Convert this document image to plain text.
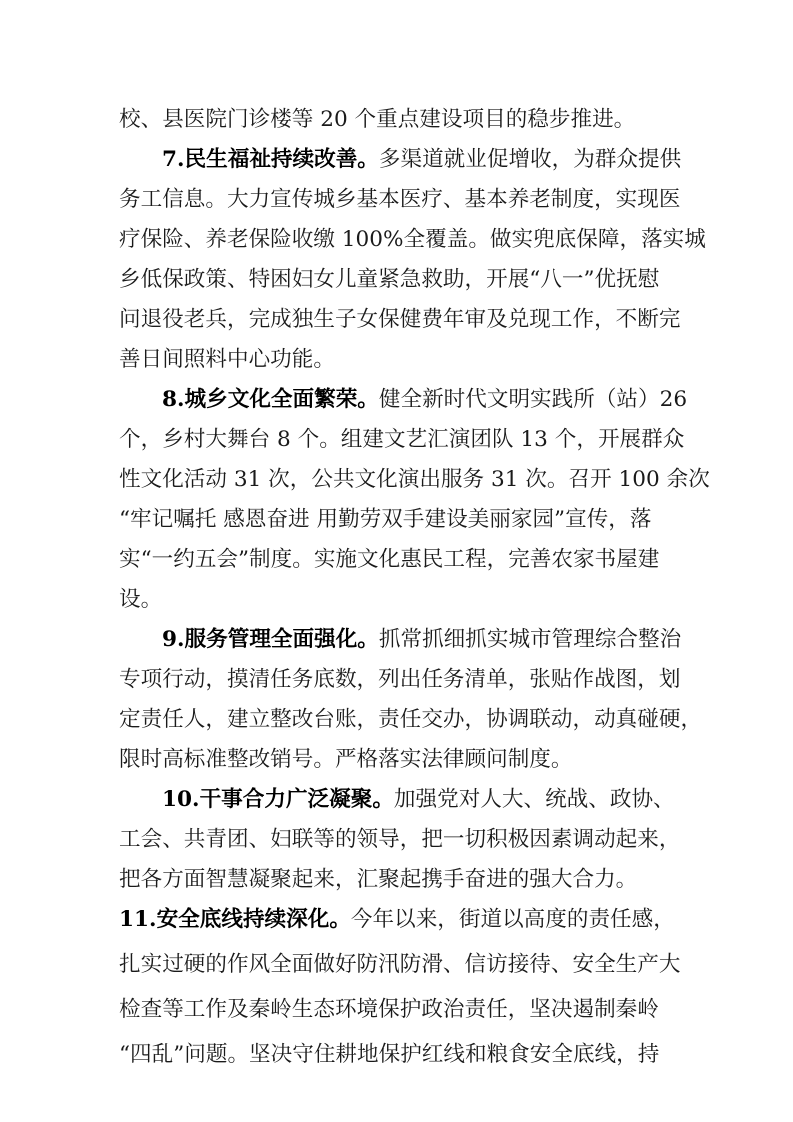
校、县医院门诊楼等 20 个重点建设项目的稳步推进。
7.民生福祉持续改善。多渠道就业促增收，为群众提供
务工信息。大力宣传城乡基本医疗、基本养老制度，实现医
疗保险、养老保险收缴 100%全覆盖。做实兜底保障，落实城
乡低保政策、特困妇女儿童紧急救助，开展“八一”优抚慰
问退役老兵，完成独生子女保健费年审及兑现工作，不断完
善日间照料中心功能。
8.城乡文化全面繁荣。健全新时代文明实践所（站）26
个，乡村大舞台 8 个。组建文艺汇演团队 13 个，开展群众
性文化活动 31 次，公共文化演出服务 31 次。召开 100 余次
“牢记嘱托 感恩奋进 用勤劳双手建设美丽家园”宣传，落
实“一约五会”制度。实施文化惠民工程，完善农家书屋建
设。
9.服务管理全面强化。抓常抓细抓实城市管理综合整治
专项行动，摸清任务底数，列出任务清单，张贴作战图，划
定责任人，建立整改台账，责任交办，协调联动，动真碰硬，
限时高标准整改销号。严格落实法律顾问制度。
10.干事合力广泛凝聚。加强党对人大、统战、政协、
工会、共青团、妇联等的领导，把一切积极因素调动起来，
把各方面智慧凝聚起来，汇聚起携手奋进的强大合力。
11.安全底线持续深化。今年以来，街道以高度的责任感，
扎实过硬的作风全面做好防汛防滑、信访接待、安全生产大
检查等工作及秦岭生态环境保护政治责任，坚决遏制秦岭
“四乱”问题。坚决守住耕地保护红线和粮食安全底线，持
